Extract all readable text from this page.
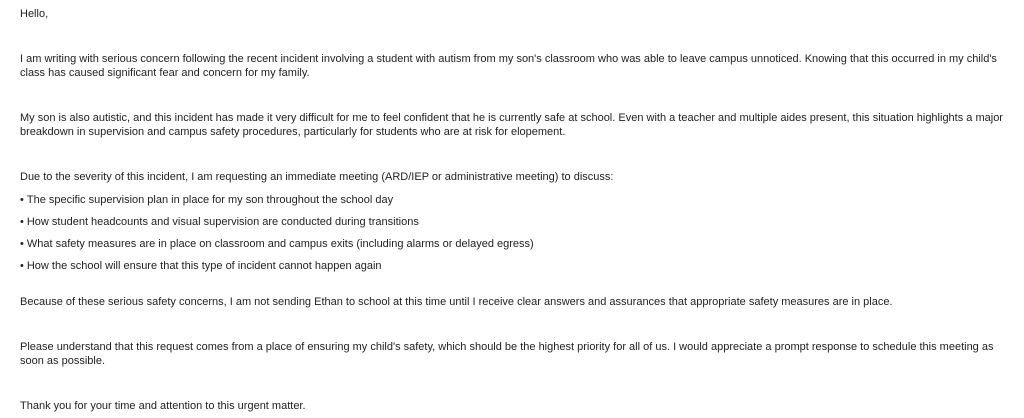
Hello,
I am writing with serious concern following the recent incident involving a student with autism from my son's classroom who was able to leave campus unnoticed. Knowing that this occurred in my child's class has caused significant fear and concern for my family.
My son is also autistic, and this incident has made it very difficult for me to feel confident that he is currently safe at school. Even with a teacher and multiple aides present, this situation highlights a major breakdown in supervision and campus safety procedures, particularly for students who are at risk for elopement.
Due to the severity of this incident, I am requesting an immediate meeting (ARD/IEP or administrative meeting) to discuss:
• The specific supervision plan in place for my son throughout the school day
• How student headcounts and visual supervision are conducted during transitions
• What safety measures are in place on classroom and campus exits (including alarms or delayed egress)
• How the school will ensure that this type of incident cannot happen again
Because of these serious safety concerns, I am not sending Ethan to school at this time until I receive clear answers and assurances that appropriate safety measures are in place.
Please understand that this request comes from a place of ensuring my child's safety, which should be the highest priority for all of us. I would appreciate a prompt response to schedule this meeting as soon as possible.
Thank you for your time and attention to this urgent matter.
